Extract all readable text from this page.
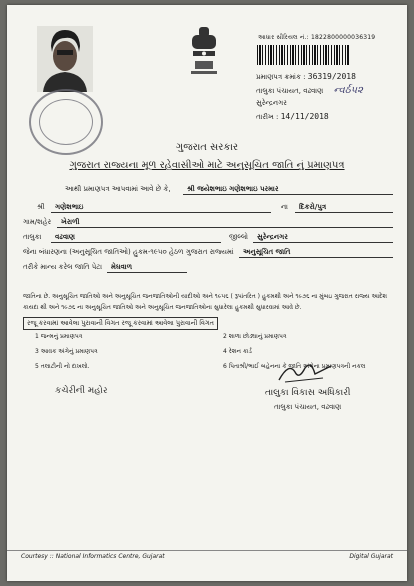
આધાર સીરિયલ નં.: 1822800000036319
પ્રમાણપત્ર ક્રમાંક : 36319/2018
તાલુકા પંચાયત, વઢવાણ ન્વર્ઠપ૨
સુરેન્દ્રનગર
તારીખ : 14/11/2018
ગુજરાત સરકાર
ગુજરાત રાજ્યના મૂળ રહેવાસીઓ માટે અનુસૂચિત જાતિ નું પ્રમાણપત્ર
આથી પ્રમાણપત્ર આપવામાં આવે છે કે, શ્રી જયેશભાઇ ગણેશભાઇ પરમાર
શ્રી ગણેશભાઇ	ના દિકરો/પુત્ર
ગામ/શહેર ખેરાળી
તાલુકા વઢવાણ	જીલ્લો સુરેન્દ્રનગર
જેના બંધારણના (અનુસૂચિત જાતિઓ) હુકમ-૧૯૫૦ હેઠળ ગુજરાત રાજ્યમાં અનુસૂચિત જાતિ
તરીકે માન્ય કરેલ જાતિ પેટા મેઘવાળ
જાતિના છે. અનુસૂચિત જાતિઓ અને અનુસૂચિત જનજાતિઓની યાદીઓ અને ૧૯૫૬ ( રૂપાંતરિત ) હુકમથી અને ૧૯૭૬ ના મુંબઇ ગુજરાત રાજ્ય આદેશ કાયદા થી અને ૧૯૭૬ ના અનુસૂચિત જાતિઓ અને અનુસૂચિત જનજાતિઓના સુધારેલા હુકમથી સુધારવામાં આવે છે.
રજૂ કરવામાં આવેલા પુરાવાની વિગત રજૂ કરવામાં આવેલા પુરાવાની વિગત
1 જન્મનું પ્રમાણપત્ર
3 આવક અંગેનું પ્રમાણપત્ર
5 તલાટીની નો દાખલો.
2 શાળા છોડ્યાનું પ્રમાણપત્ર
4 રેશન કાર્ડ
6 પિતાશ્રી/ભાઈ બહેનના કે જાતિ અંગેના પ્રમાણપત્રની નકલ
કચેરીની મહોર	તાલુકા વિકાસ અધિકારી
તાલુકા પંચાયત, વઢવાણ
Courtesy :: National Informatics Centre, Gujarat	Digital Gujarat
